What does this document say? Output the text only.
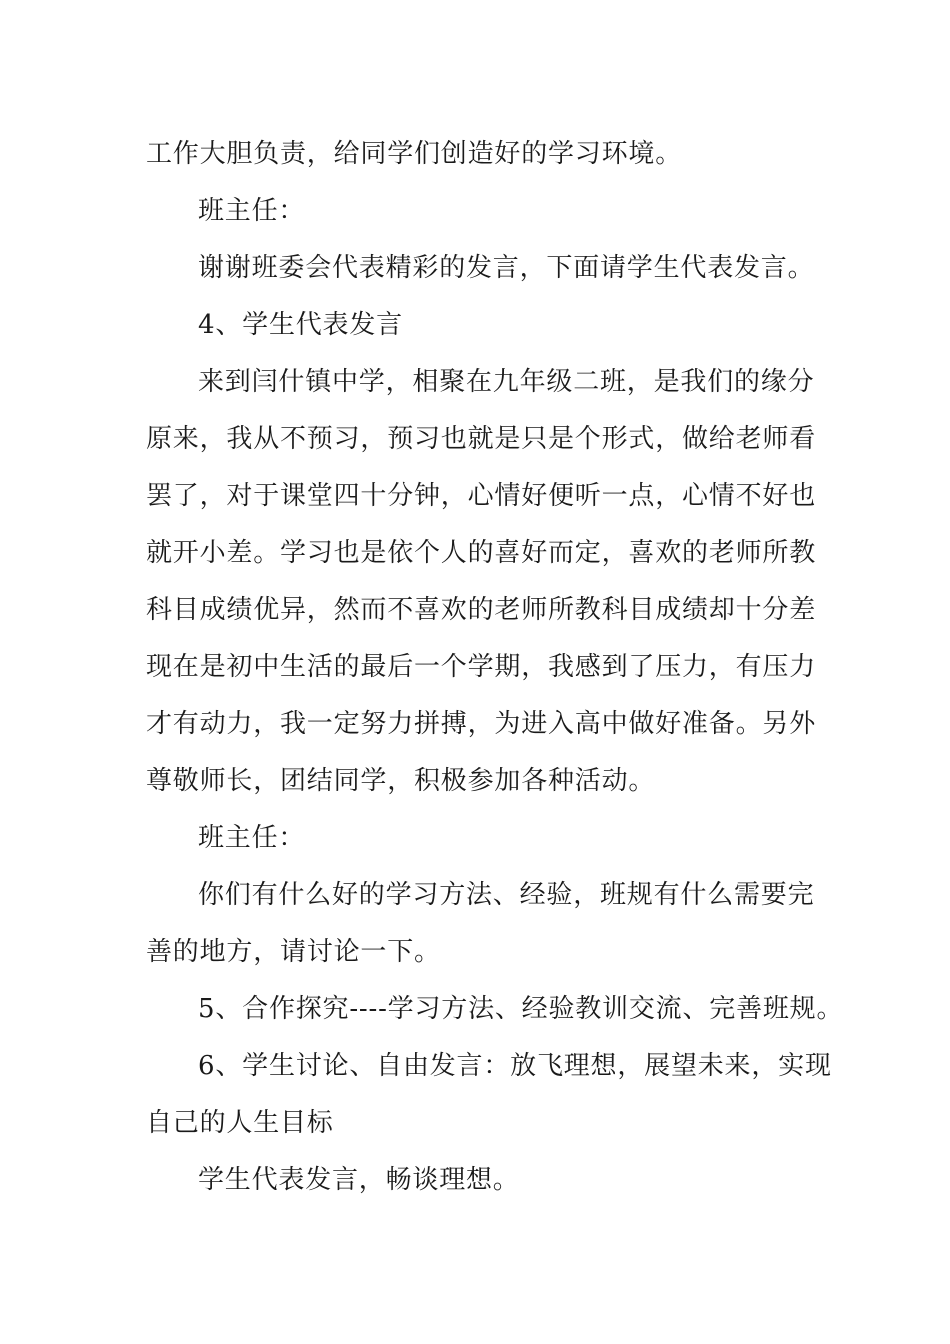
工作大胆负责，给同学们创造好的学习环境。

班主任：

谢谢班委会代表精彩的发言，下面请学生代表发言。

4、学生代表发言

来到闫什镇中学，相聚在九年级二班，是我们的缘分

原来，我从不预习，预习也就是只是个形式，做给老师看

罢了，对于课堂四十分钟，心情好便听一点，心情不好也

就开小差。学习也是依个人的喜好而定，喜欢的老师所教

科目成绩优异，然而不喜欢的老师所教科目成绩却十分差

现在是初中生活的最后一个学期，我感到了压力，有压力

才有动力，我一定努力拼搏，为进入高中做好准备。另外

尊敬师长，团结同学，积极参加各种活动。

班主任：

你们有什么好的学习方法、经验，班规有什么需要完

善的地方，请讨论一下。

5、合作探究----学习方法、经验教训交流、完善班规。

6、学生讨论、自由发言：放飞理想，展望未来，实现

自己的人生目标

学生代表发言，畅谈理想。
